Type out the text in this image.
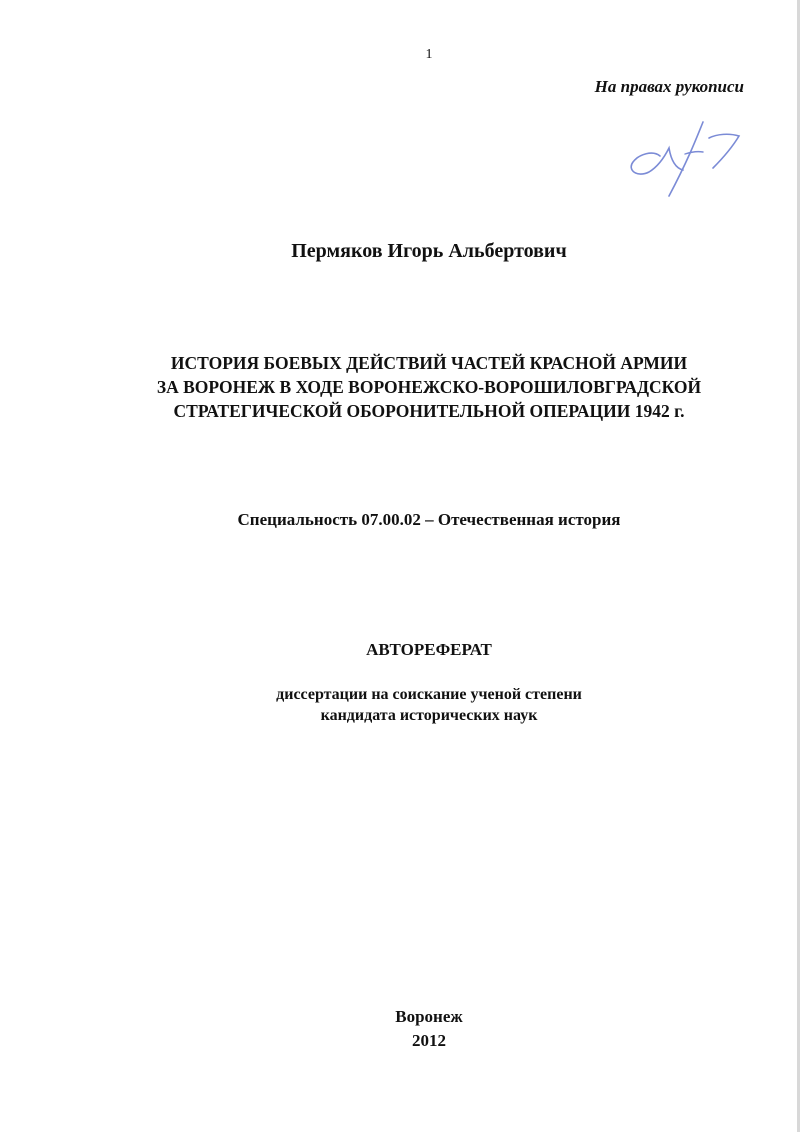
1
На правах рукописи
Пермяков Игорь Альбертович
ИСТОРИЯ БОЕВЫХ ДЕЙСТВИЙ ЧАСТЕЙ КРАСНОЙ АРМИИ
ЗА ВОРОНЕЖ В ХОДЕ ВОРОНЕЖСКО-ВОРОШИЛОВГРАДСКОЙ
СТРАТЕГИЧЕСКОЙ ОБОРОНИТЕЛЬНОЙ ОПЕРАЦИИ 1942 г.
Специальность 07.00.02 – Отечественная история
АВТОРЕФЕРАТ
диссертации на соискание ученой степени
кандидата исторических наук
Воронеж
2012
